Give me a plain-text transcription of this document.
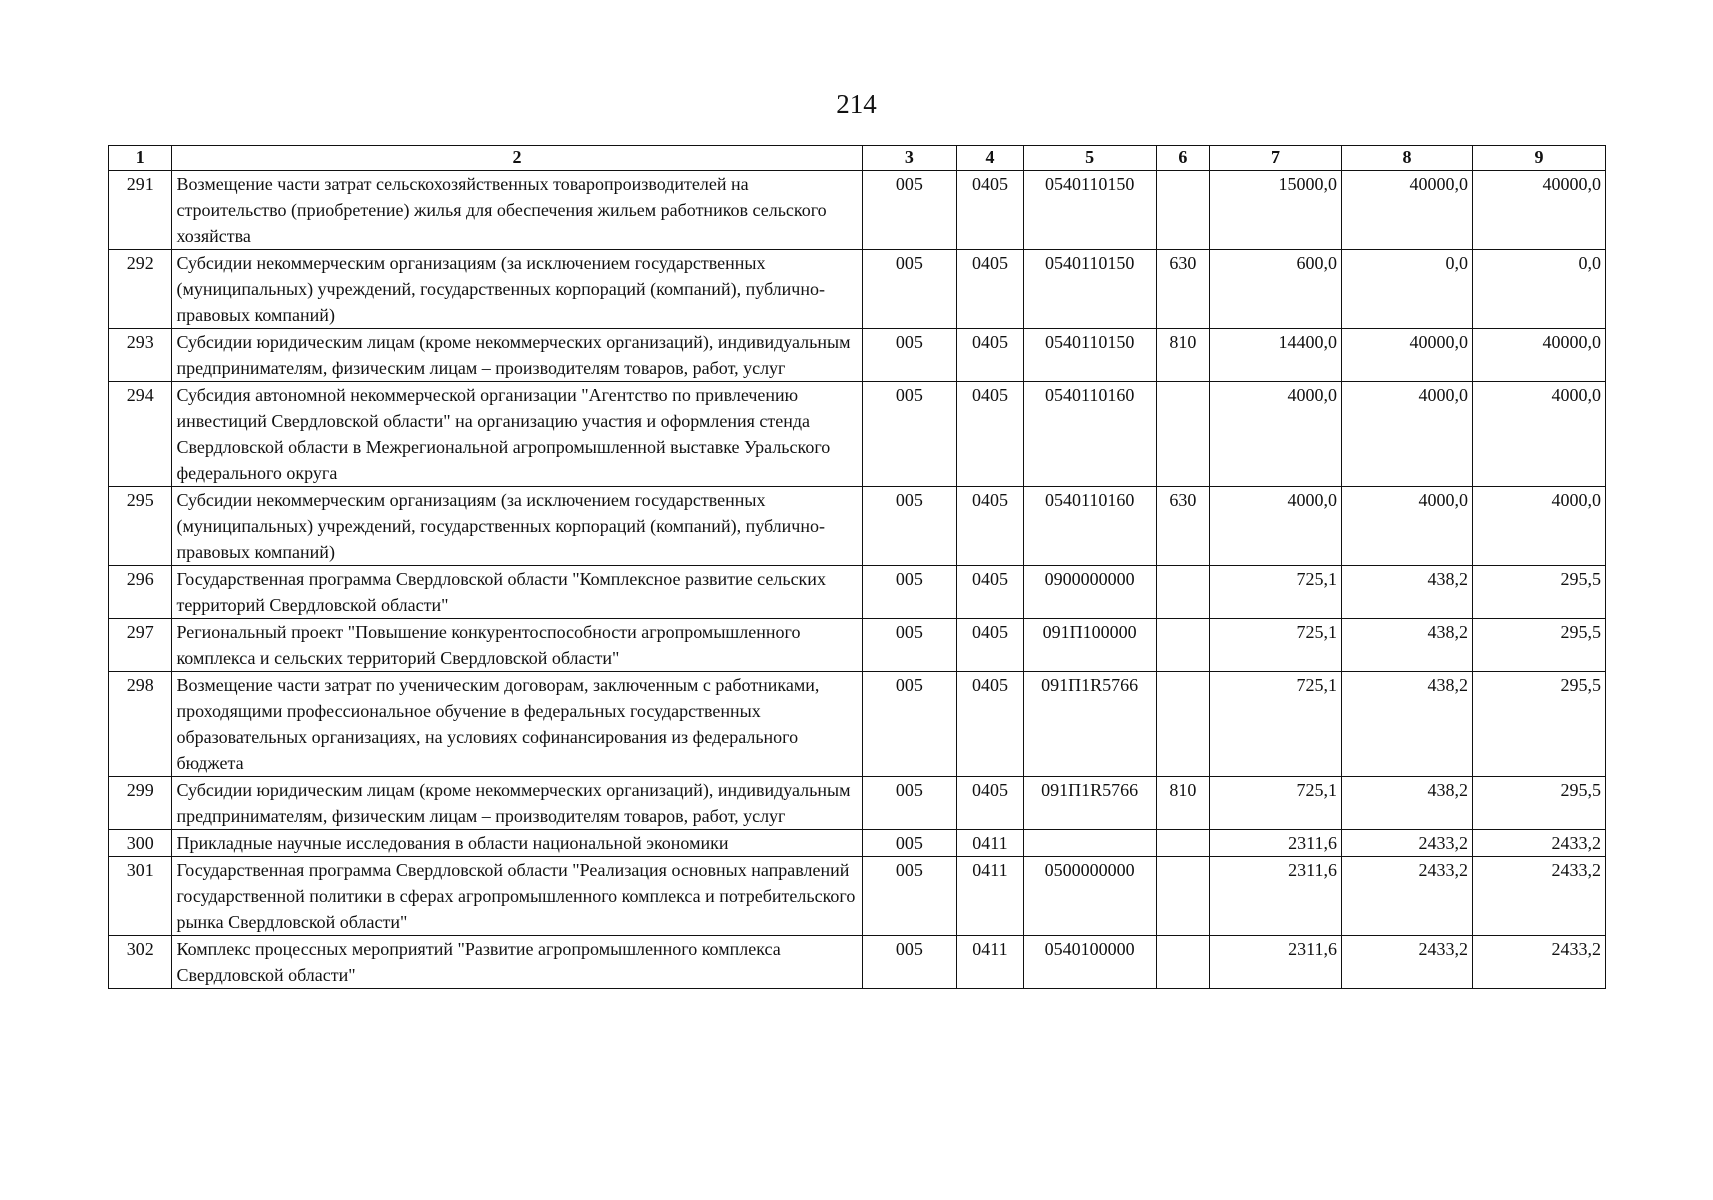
214
1	2	3	4	5	6	7	8	9
291	Возмещение части затрат сельскохозяйственных товаропроизводителей на строительство (приобретение) жилья для обеспечения жильем работников сельского хозяйства	005	0405	0540110150		15000,0	40000,0	40000,0
292	Субсидии некоммерческим организациям (за исключением государственных (муниципальных) учреждений, государственных корпораций (компаний), публично-правовых компаний)	005	0405	0540110150	630	600,0	0,0	0,0
293	Субсидии юридическим лицам (кроме некоммерческих организаций), индивидуальным предпринимателям, физическим лицам – производителям товаров, работ, услуг	005	0405	0540110150	810	14400,0	40000,0	40000,0
294	Субсидия автономной некоммерческой организации "Агентство по привлечению инвестиций Свердловской области" на организацию участия и оформления стенда Свердловской области в Межрегиональной агропромышленной выставке Уральского федерального округа	005	0405	0540110160		4000,0	4000,0	4000,0
295	Субсидии некоммерческим организациям (за исключением государственных (муниципальных) учреждений, государственных корпораций (компаний), публично-правовых компаний)	005	0405	0540110160	630	4000,0	4000,0	4000,0
296	Государственная программа Свердловской области "Комплексное развитие сельских территорий Свердловской области"	005	0405	0900000000		725,1	438,2	295,5
297	Региональный проект "Повышение конкурентоспособности агропромышленного комплекса и сельских территорий Свердловской области"	005	0405	091П100000		725,1	438,2	295,5
298	Возмещение части затрат по ученическим договорам, заключенным с работниками, проходящими профессиональное обучение в федеральных государственных образовательных организациях, на условиях софинансирования из федерального бюджета	005	0405	091П1R5766		725,1	438,2	295,5
299	Субсидии юридическим лицам (кроме некоммерческих организаций), индивидуальным предпринимателям, физическим лицам – производителям товаров, работ, услуг	005	0405	091П1R5766	810	725,1	438,2	295,5
300	Прикладные научные исследования в области национальной экономики	005	0411			2311,6	2433,2	2433,2
301	Государственная программа Свердловской области "Реализация основных направлений государственной политики в сферах агропромышленного комплекса и потребительского рынка Свердловской области"	005	0411	0500000000		2311,6	2433,2	2433,2
302	Комплекс процессных мероприятий "Развитие агропромышленного комплекса Свердловской области"	005	0411	0540100000		2311,6	2433,2	2433,2
